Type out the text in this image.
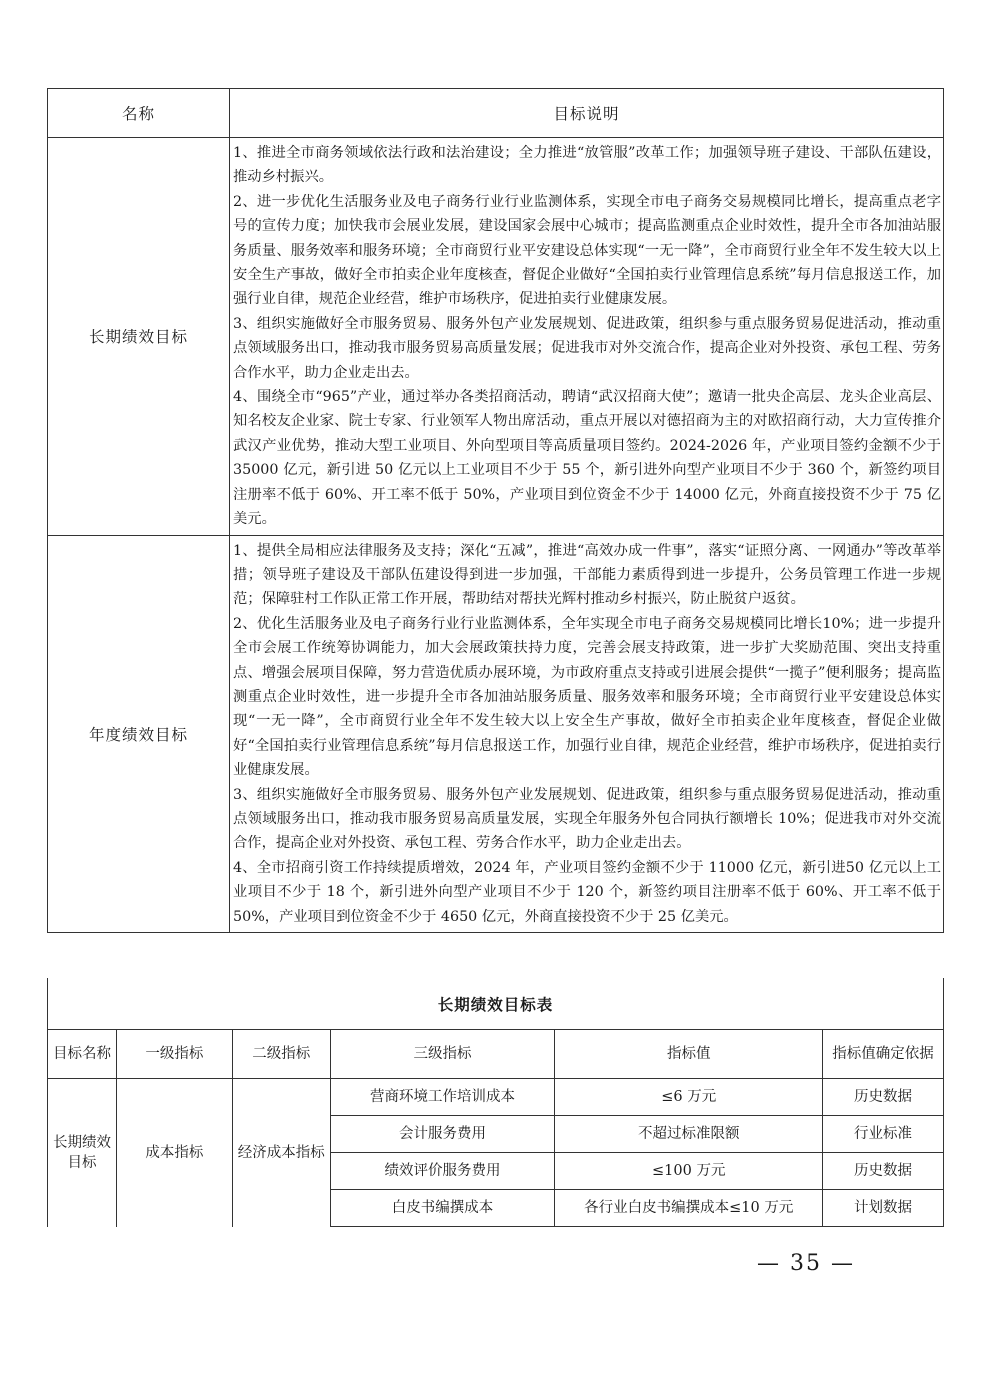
名称	目标说明
长期绩效目标	1、推进全市商务领域依法行政和法治建设；全力推进“放管服”改革工作；加强领导班子建设、干部队伍建设，推动乡村振兴。

2、进一步优化生活服务业及电子商务行业行业监测体系，实现全市电子商务交易规模同比增长，提高重点老字号的宣传力度；加快我市会展业发展，建设国家会展中心城市；提高监测重点企业时效性，提升全市各加油站服务质量、服务效率和服务环境；全市商贸行业平安建设总体实现“一无一降”，全市商贸行业全年不发生较大以上安全生产事故，做好全市拍卖企业年度核查，督促企业做好“全国拍卖行业管理信息系统”每月信息报送工作，加强行业自律，规范企业经营，维护市场秩序，促进拍卖行业健康发展。

3、组织实施做好全市服务贸易、服务外包产业发展规划、促进政策，组织参与重点服务贸易促进活动，推动重点领域服务出口，推动我市服务贸易高质量发展；促进我市对外交流合作，提高企业对外投资、承包工程、劳务合作水平，助力企业走出去。

4、围绕全市“965”产业，通过举办各类招商活动，聘请“武汉招商大使”；邀请一批央企高层、龙头企业高层、知名校友企业家、院士专家、行业领军人物出席活动，重点开展以对德招商为主的对欧招商行动，大力宣传推介武汉产业优势，推动大型工业项目、外向型项目等高质量项目签约。2024-2026 年，产业项目签约金额不少于 35000 亿元，新引进 50 亿元以上工业项目不少于 55 个，新引进外向型产业项目不少于 360 个，新签约项目注册率不低于 60%、开工率不低于 50%，产业项目到位资金不少于 14000 亿元，外商直接投资不少于 75 亿美元。

年度绩效目标	1、提供全局相应法律服务及支持；深化“五减”，推进“高效办成一件事”，落实“证照分离、一网通办”等改革举措；领导班子建设及干部队伍建设得到进一步加强，干部能力素质得到进一步提升，公务员管理工作进一步规范；保障驻村工作队正常工作开展，帮助结对帮扶光辉村推动乡村振兴，防止脱贫户返贫。

2、优化生活服务业及电子商务行业行业监测体系，全年实现全市电子商务交易规模同比增长10%；进一步提升全市会展工作统筹协调能力，加大会展政策扶持力度，完善会展支持政策，进一步扩大奖励范围、突出支持重点、增强会展项目保障，努力营造优质办展环境，为市政府重点支持或引进展会提供“一揽子”便利服务；提高监测重点企业时效性，进一步提升全市各加油站服务质量、服务效率和服务环境；全市商贸行业平安建设总体实现“一无一降”，全市商贸行业全年不发生较大以上安全生产事故，做好全市拍卖企业年度核查，督促企业做好“全国拍卖行业管理信息系统”每月信息报送工作，加强行业自律，规范企业经营，维护市场秩序，促进拍卖行业健康发展。

3、组织实施做好全市服务贸易、服务外包产业发展规划、促进政策，组织参与重点服务贸易促进活动，推动重点领域服务出口，推动我市服务贸易高质量发展，实现全年服务外包合同执行额增长 10%；促进我市对外交流合作，提高企业对外投资、承包工程、劳务合作水平，助力企业走出去。

4、全市招商引资工作持续提质增效，2024 年，产业项目签约金额不少于 11000 亿元，新引进50 亿元以上工业项目不少于 18 个，新引进外向型产业项目不少于 120 个，新签约项目注册率不低于 60%、开工率不低于 50%，产业项目到位资金不少于 4650 亿元，外商直接投资不少于 25 亿美元。

长期绩效目标表
目标名称	一级指标	二级指标	三级指标	指标值	指标值确定依据
长期绩效目标	成本指标	经济成本指标	营商环境工作培训成本	≤6 万元	历史数据
			会计服务费用	不超过标准限额	行业标准
			绩效评价服务费用	≤100 万元	历史数据
			白皮书编撰成本	各行业白皮书编撰成本≤10 万元	计划数据
— 35 —
